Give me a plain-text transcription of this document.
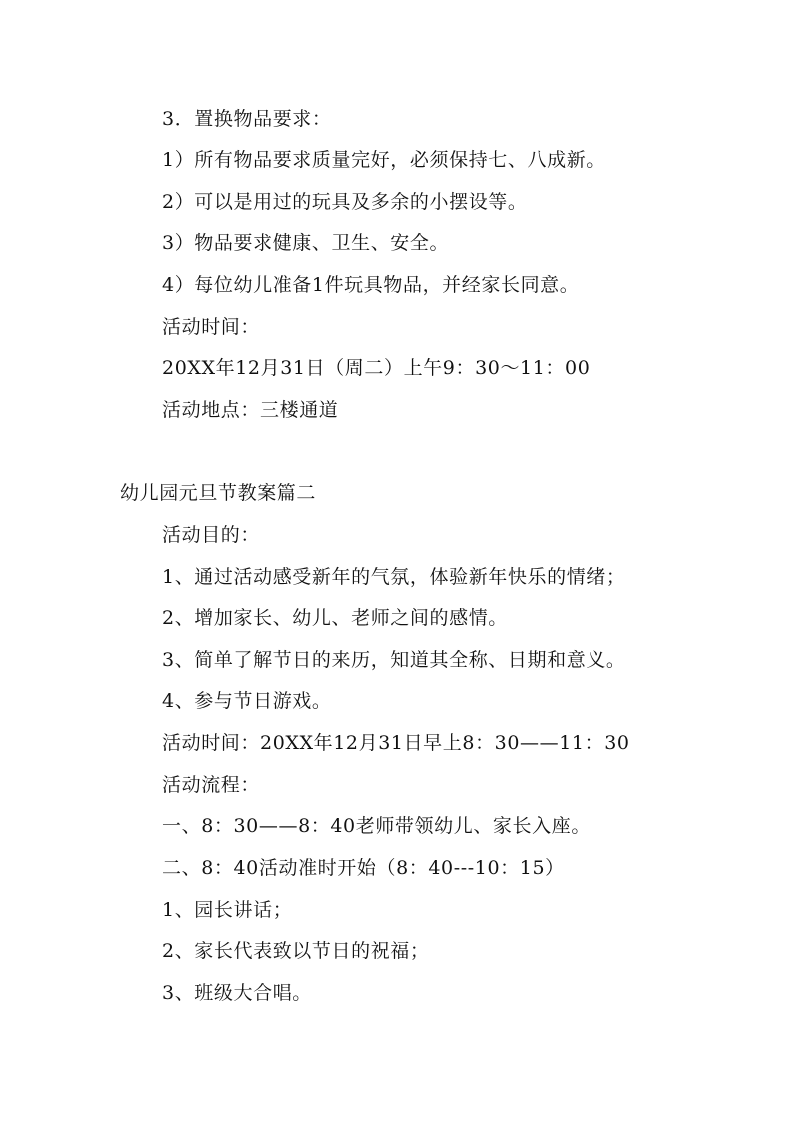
3．置换物品要求：
1）所有物品要求质量完好，必须保持七、八成新。
2）可以是用过的玩具及多余的小摆设等。
3）物品要求健康、卫生、安全。
4）每位幼儿准备1件玩具物品，并经家长同意。
活动时间：
20XX年12月31日（周二）上午9：30～11：00
活动地点：三楼通道
幼儿园元旦节教案篇二
活动目的：
1、通过活动感受新年的气氛，体验新年快乐的情绪；
2、增加家长、幼儿、老师之间的感情。
3、简单了解节日的来历，知道其全称、日期和意义。
4、参与节日游戏。
活动时间：20XX年12月31日早上8：30——11：30
活动流程：
一、8：30——8：40老师带领幼儿、家长入座。
二、8：40活动准时开始（8：40---10：15）
1、园长讲话；
2、家长代表致以节日的祝福；
3、班级大合唱。
